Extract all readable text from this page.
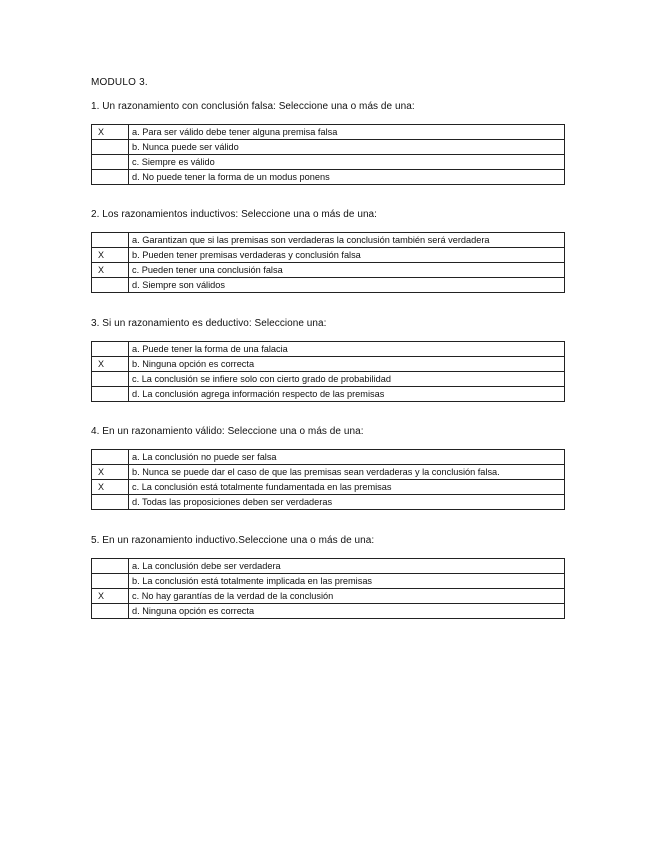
MODULO 3.
1. Un razonamiento con conclusión falsa: Seleccione una o más de una:
X	a. Para ser válido debe tener alguna premisa falsa
	b. Nunca puede ser válido
	c. Siempre es válido
	d. No puede tener la forma de un modus ponens
2. Los razonamientos inductivos: Seleccione una o más de una:
	a. Garantizan que si las premisas son verdaderas la conclusión también será verdadera
X	b. Pueden tener premisas verdaderas y conclusión falsa
X	c. Pueden tener una conclusión falsa
	d. Siempre son válidos
3. Si un razonamiento es deductivo: Seleccione una:
	a. Puede tener la forma de una falacia
X	b. Ninguna opción es correcta
	c. La conclusión se infiere solo con cierto grado de probabilidad
	d. La conclusión agrega información respecto de las premisas
4. En un razonamiento válido: Seleccione una o más de una:
	a. La conclusión no puede ser falsa
X	b. Nunca se puede dar el caso de que las premisas sean verdaderas y la conclusión falsa.
X	c. La conclusión está totalmente fundamentada en las premisas
	d. Todas las proposiciones deben ser verdaderas
5. En un razonamiento inductivo.Seleccione una o más de una:
	a. La conclusión debe ser verdadera
	b. La conclusión está totalmente implicada en las premisas
X	c. No hay garantías de la verdad de la conclusión
	d. Ninguna opción es correcta
